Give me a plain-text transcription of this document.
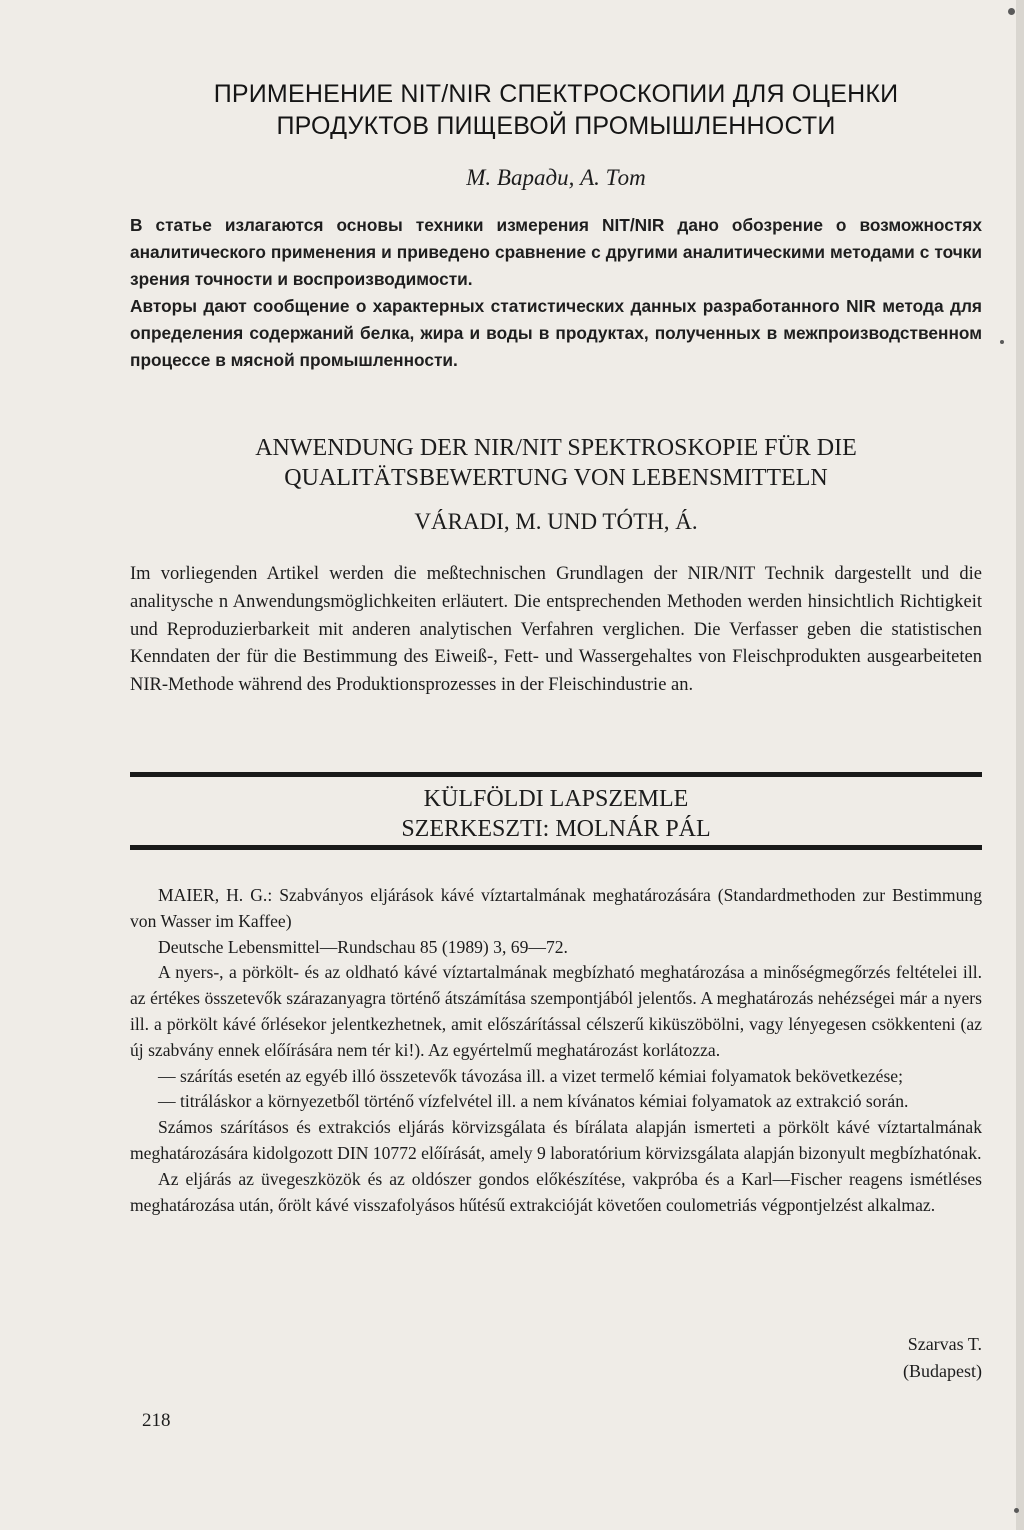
ПРИМЕНЕНИЕ NIT/NIR СПЕКТРОСКОПИИ ДЛЯ ОЦЕНКИ
ПРОДУКТОВ ПИЩЕВОЙ ПРОМЫШЛЕННОСТИ
М. Варади, А. Тот

В статье излагаются основы техники измерения NIT/NIR дано обозрение о возможностях аналитического применения и приведено сравнение с другими аналитическими методами с точки зрения точности и воспроизводимости.

Авторы дают сообщение о характерных статистических данных разработанного NIR метода для определения содержаний белка, жира и воды в продуктах, полученных в межпроизводственном процессе в мясной промышленности.

ANWENDUNG DER NIR/NIT SPEKTROSKOPIE FÜR DIE
QUALITÄTSBEWERTUNG VON LEBENSMITTELN
VÁRADI, M. UND TÓTH, Á.
Im vorliegenden Artikel werden die meßtechnischen Grundlagen der NIR/NIT Technik dargestellt und die analitysche n Anwendungsmöglichkeiten erläutert. Die entsprechenden Methoden werden hinsichtlich Richtigkeit und Reproduzierbarkeit mit anderen analytischen Verfahren verglichen. Die Verfasser geben die statistischen Kenndaten der für die Bestimmung des Eiweiß-, Fett- und Wassergehaltes von Fleischprodukten ausgearbeiteten NIR-Methode während des Produktionsprozesses in der Fleischindustrie an.
KÜLFÖLDI LAPSZEMLE
SZERKESZTI: MOLNÁR PÁL

MAIER, H. G.: Szabványos eljárások kávé víztartalmának meghatározására (Standardmethoden zur Bestimmung von Wasser im Kaffee)

Deutsche Lebensmittel—Rundschau 85 (1989) 3, 69—72.

A nyers-, a pörkölt- és az oldható kávé víztartalmának megbízható meghatározása a minőségmegőrzés feltételei ill. az értékes összetevők szárazanyagra történő átszámítása szempontjából jelentős. A meghatározás nehézségei már a nyers ill. a pörkölt kávé őrlésekor jelentkezhetnek, amit előszárítással célszerű kiküszöbölni, vagy lényegesen csökkenteni (az új szabvány ennek előírására nem tér ki!). Az egyértelmű meghatározást korlátozza.

— szárítás esetén az egyéb illó összetevők távozása ill. a vizet termelő kémiai folyamatok bekövetkezése;

— titráláskor a környezetből történő vízfelvétel ill. a nem kívánatos kémiai folyamatok az extrakció során.

Számos szárításos és extrakciós eljárás körvizsgálata és bírálata alapján ismerteti a pörkölt kávé víztartalmának meghatározására kidolgozott DIN 10772 előírását, amely 9 laboratórium körvizsgálata alapján bizonyult megbízhatónak.

Az eljárás az üvegeszközök és az oldószer gondos előkészítése, vakpróba és a Karl—Fischer reagens ismétléses meghatározása után, őrölt kávé visszafolyásos hűtésű extrakcióját követően coulometriás végpontjelzést alkalmaz.

Szarvas T.
(Budapest)
218
